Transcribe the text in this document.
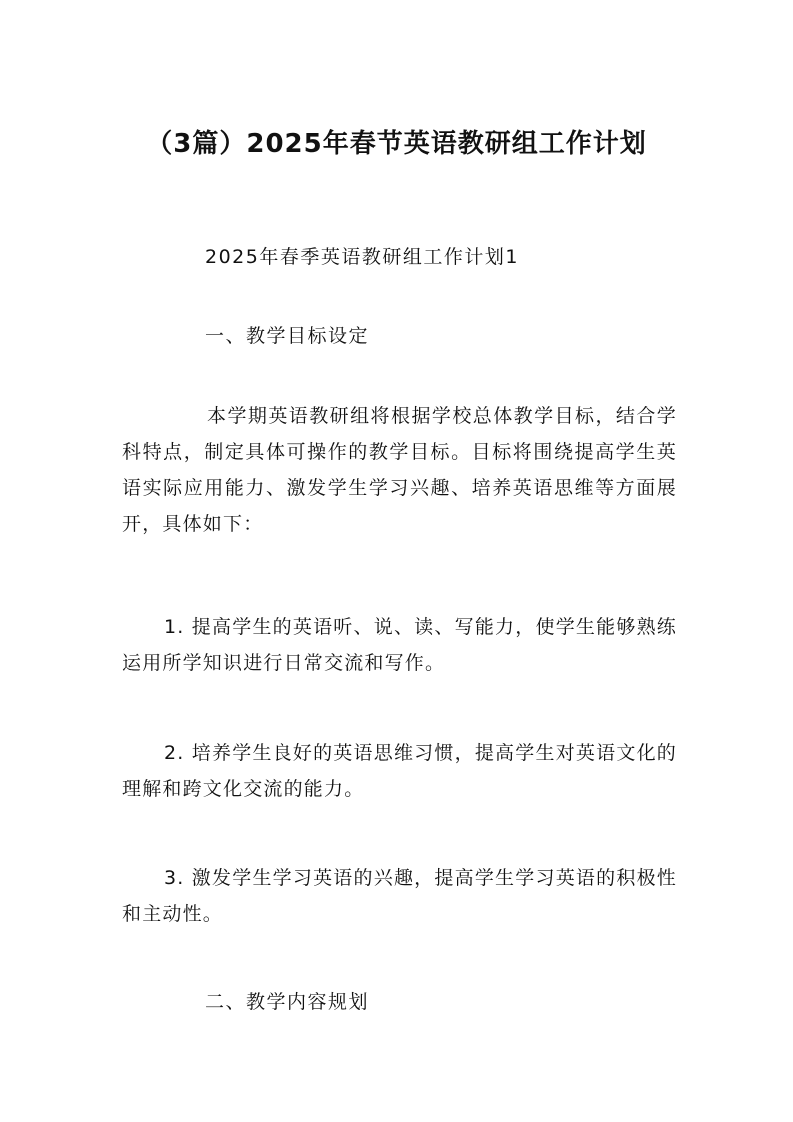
（3篇）2025年春节英语教研组工作计划
2025年春季英语教研组工作计划1
一、教学目标设定
本学期英语教研组将根据学校总体教学目标，结合学科特点，制定具体可操作的教学目标。目标将围绕提高学生英语实际应用能力、激发学生学习兴趣、培养英语思维等方面展开，具体如下：
1. 提高学生的英语听、说、读、写能力，使学生能够熟练运用所学知识进行日常交流和写作。
2. 培养学生良好的英语思维习惯，提高学生对英语文化的理解和跨文化交流的能力。
3. 激发学生学习英语的兴趣，提高学生学习英语的积极性和主动性。
二、教学内容规划
